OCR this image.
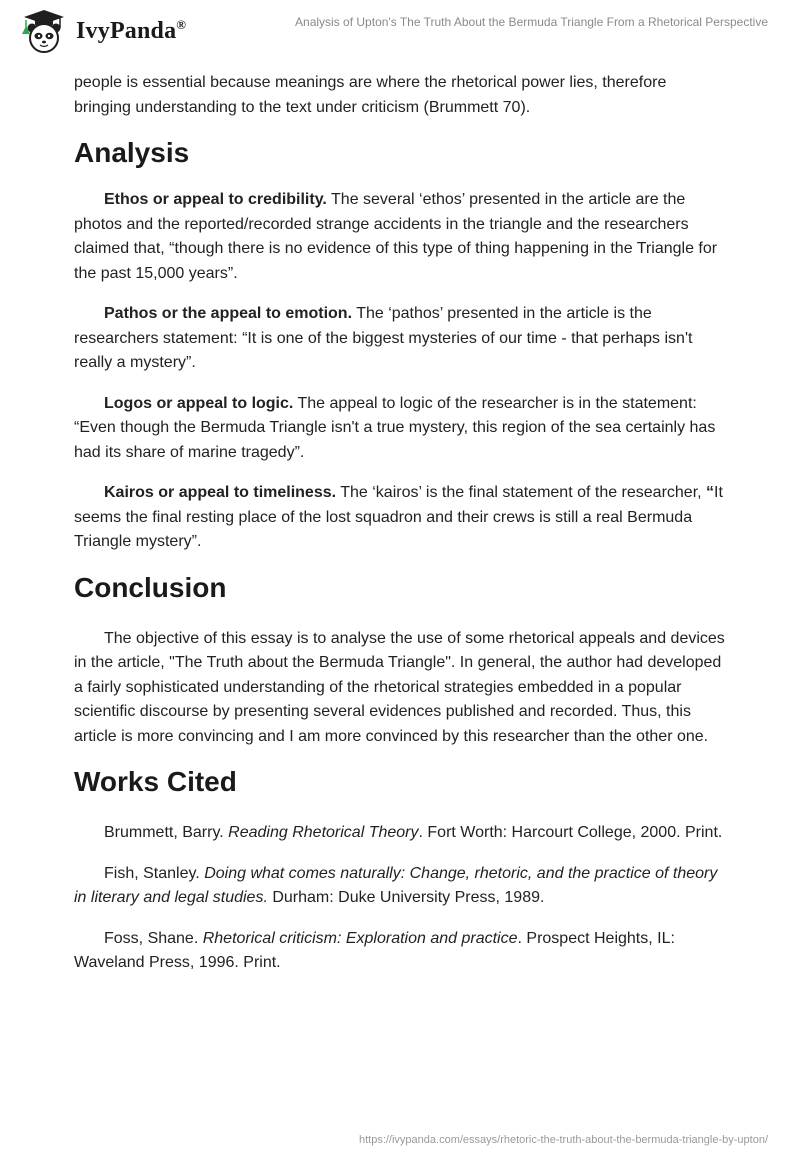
IvyPanda®	Analysis of Upton's The Truth About the Bermuda Triangle From a Rhetorical Perspective

people is essential because meanings are where the rhetorical power lies, therefore bringing understanding to the text under criticism (Brummett 70).

Analysis

Ethos or appeal to credibility. The several ‘ethos’ presented in the article are the photos and the reported/recorded strange accidents in the triangle and the researchers claimed that, “though there is no evidence of this type of thing happening in the Triangle for the past 15,000 years”.

Pathos or the appeal to emotion. The ‘pathos’ presented in the article is the researchers statement: “It is one of the biggest mysteries of our time - that perhaps isn't really a mystery”.

Logos or appeal to logic. The appeal to logic of the researcher is in the statement: “Even though the Bermuda Triangle isn't a true mystery, this region of the sea certainly has had its share of marine tragedy”.

Kairos or appeal to timeliness. The ‘kairos’ is the final statement of the researcher, “It seems the final resting place of the lost squadron and their crews is still a real Bermuda Triangle mystery”.

Conclusion

The objective of this essay is to analyse the use of some rhetorical appeals and devices in the article, "The Truth about the Bermuda Triangle". In general, the author had developed a fairly sophisticated understanding of the rhetorical strategies embedded in a popular scientific discourse by presenting several evidences published and recorded. Thus, this article is more convincing and I am more convinced by this researcher than the other one.

Works Cited

Brummett, Barry. Reading Rhetorical Theory. Fort Worth: Harcourt College, 2000. Print.

Fish, Stanley. Doing what comes naturally: Change, rhetoric, and the practice of theory in literary and legal studies. Durham: Duke University Press, 1989.

Foss, Shane. Rhetorical criticism: Exploration and practice. Prospect Heights, IL: Waveland Press, 1996. Print.

https://ivypanda.com/essays/rhetoric-the-truth-about-the-bermuda-triangle-by-upton/
